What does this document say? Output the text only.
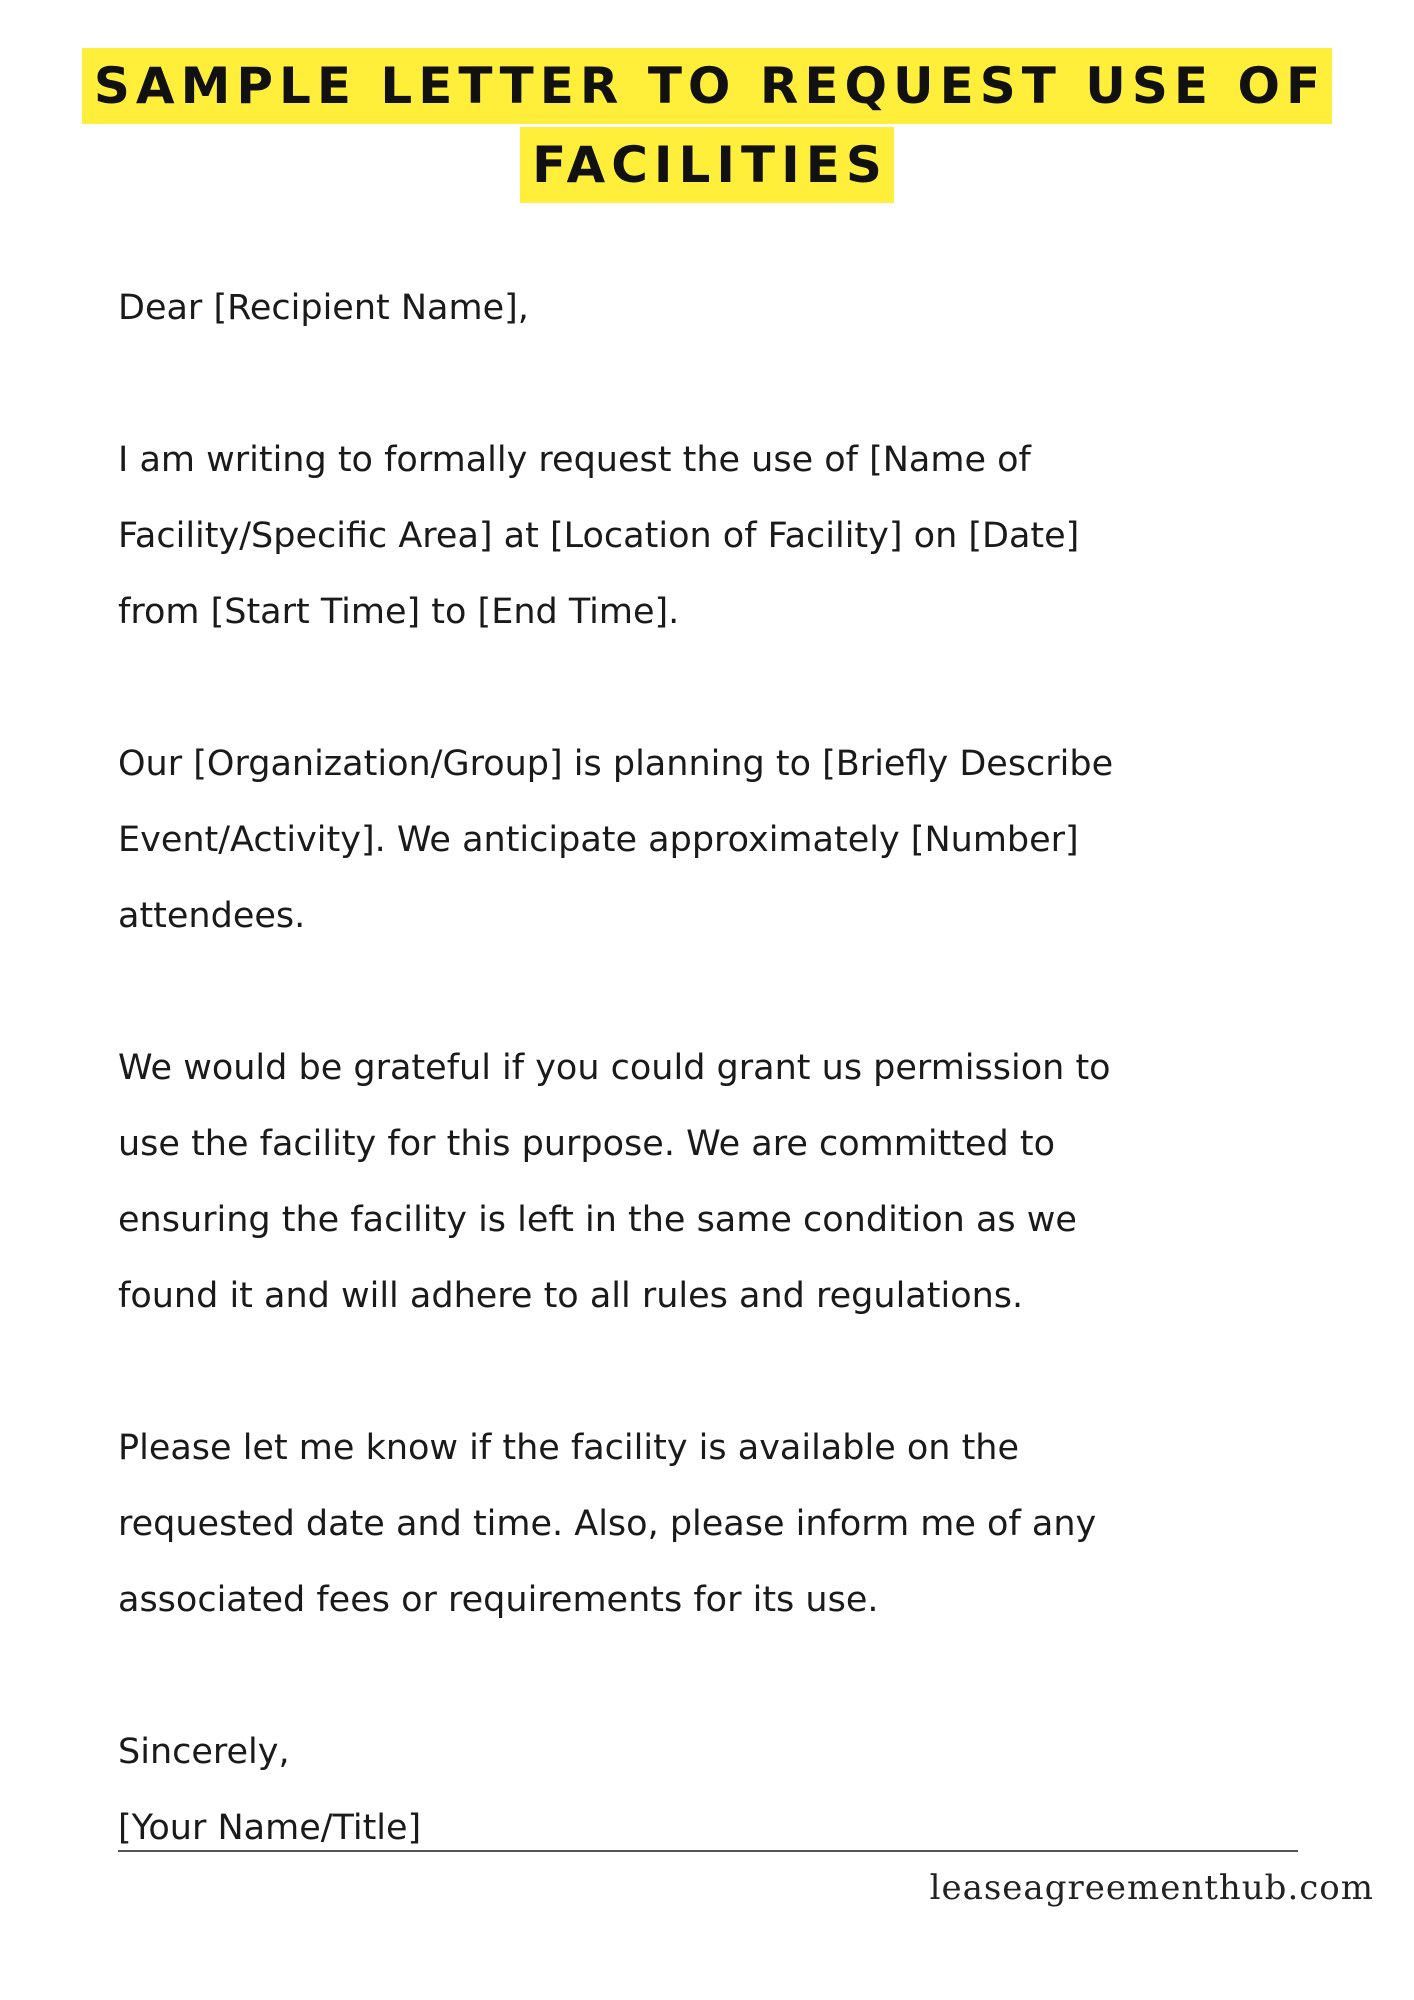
SAMPLE LETTER TO REQUEST USE OF
FACILITIES

Dear [Recipient Name],

I am writing to formally request the use of [Name of
Facility/Specific Area] at [Location of Facility] on [Date]
from [Start Time] to [End Time].

Our [Organization/Group] is planning to [Briefly Describe
Event/Activity]. We anticipate approximately [Number]
attendees.

We would be grateful if you could grant us permission to
use the facility for this purpose. We are committed to
ensuring the facility is left in the same condition as we
found it and will adhere to all rules and regulations.

Please let me know if the facility is available on the
requested date and time. Also, please inform me of any
associated fees or requirements for its use.

Sincerely,

[Your Name/Title]

leaseagreementhub.com
